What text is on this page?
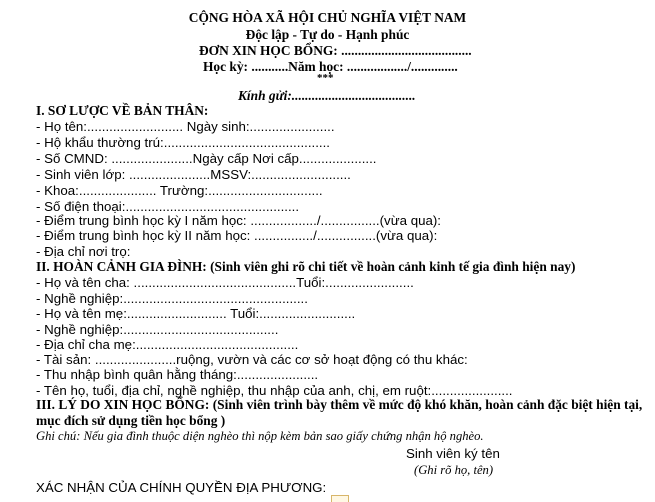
CỘNG HÒA XÃ HỘI CHỦ NGHĨA VIỆT NAM
Độc lập - Tự do - Hạnh phúc
ĐƠN XIN HỌC BỔNG: .......................................
Học kỳ: ...........Năm học: ................../..............
***
Kính gửi:.....................................
I. SƠ LƯỢC VỀ BẢN THÂN:
- Họ tên:.......................... Ngày sinh:.......................
- Hộ khẩu thường trú:.............................................
- Số CMND: ......................Ngày cấp Nơi cấp.....................
- Sinh viên lớp: ......................MSSV:...........................
- Khoa:..................... Trường:...............................
- Số điện thoại:...............................................
- Điểm trung bình học kỳ I năm học: ................../................(vừa qua):
- Điểm trung bình học kỳ II năm học: ................/................(vừa qua):
- Địa chỉ nơi trọ:
II. HOÀN CẢNH GIA ĐÌNH: (Sinh viên ghi rõ chi tiết về hoàn cảnh kinh tế gia đình hiện nay)
- Họ và tên cha: ............................................Tuổi:........................
- Nghề nghiệp:..................................................
- Họ và tên mẹ:........................... Tuổi:..........................
- Nghề nghiệp:..........................................
- Địa chỉ cha mẹ:............................................
- Tài sản: ......................ruộng, vườn và các cơ sở hoạt động có thu khác:
- Thu nhập bình quân hằng tháng:......................
- Tên họ, tuổi, địa chỉ, nghề nghiệp, thu nhập của anh, chị, em ruột:......................
III. LÝ DO XIN HỌC BỔNG: (Sinh viên trình bày thêm về mức độ khó khăn, hoàn cảnh đặc biệt hiện tại, mục đích sử dụng tiền học bổng )
Ghi chú: Nếu gia đình thuộc diện nghèo thì nộp kèm bản sao giấy chứng nhận hộ nghèo.
Sinh viên ký tên
(Ghi rõ họ, tên)
XÁC NHẬN CỦA CHÍNH QUYỀN ĐỊA PHƯƠNG:
